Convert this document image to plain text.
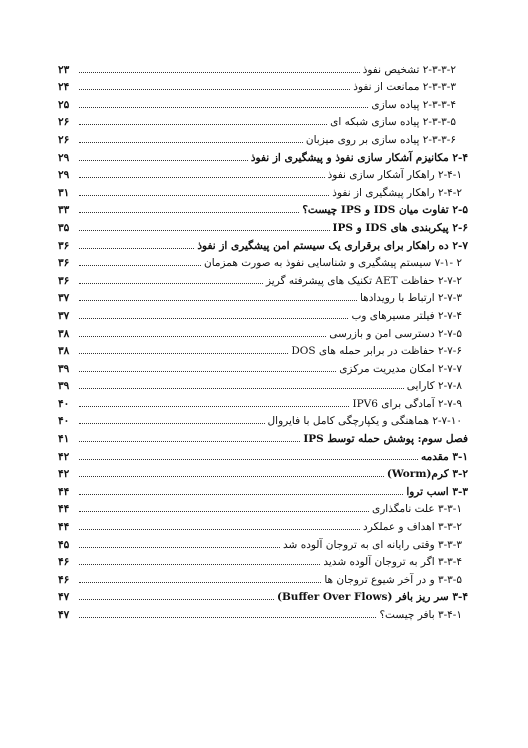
۲-۳-۳-۲ تشخیص نفوذ
۲۳
۲-۳-۳-۳ ممانعت از نفوذ
۲۴
۲-۳-۳-۴ پیاده سازی
۲۵
۲-۳-۳-۵ پیاده سازی شبکه ای
۲۶
۲-۳-۳-۶ پیاده سازی بر روی میزبان
۲۶
۲-۴ مکانیزم آشکار سازی نفوذ و پیشگیری از نفوذ
۲۹
۲-۴-۱ راهکار آشکار سازی نفوذ
۲۹
۲-۴-۲ راهکار پیشگیری از نفوذ
۳۱
۲-۵ تفاوت میان IDS و IPS چیست؟
۳۳
۲-۶ پیکربندی های IDS و IPS
۳۵
۲-۷ ده راهکار برای برقراری یک سیستم امن پیشگیری از نفوذ
۳۶
۲ -۷-۱ سیستم پیشگیری و شناسایی نفوذ به صورت همزمان
۳۶
۲-۷-۲ حفاظت AET تکنیک های پیشرفته گریز
۳۶
۲-۷-۳ ارتباط با رویدادها
۳۷
۲-۷-۴ فیلتر مسیرهای وب
۳۷
۲-۷-۵ دسترسی امن و بازرسی
۳۸
۲-۷-۶ حفاظت در برابر حمله های DOS
۳۸
۲-۷-۷ امکان مدیریت مرکزی
۳۹
۲-۷-۸ کارایی
۳۹
۲-۷-۹ آمادگی برای IPV6
۴۰
۲-۷-۱۰ هماهنگی و یکپارچگی کامل با فایروال
۴۰
فصل سوم: پوشش حمله توسط IPS
۴۱
۳-۱ مقدمه
۴۲
۳-۲ کرم(Worm)
۴۲
۳-۳ اسب تروا
۴۴
۳-۳-۱ علت نامگذاری
۴۴
۳-۳-۲ اهداف و عملکرد
۴۴
۳-۳-۳ وقتی رایانه ای به تروجان آلوده شد
۴۵
۳-۳-۴ اگر به تروجان آلوده شدید
۴۶
۳-۳-۵ و در آخر شیوع تروجان ها
۴۶
۳-۴ سر ریز بافر (Buffer Over Flows)
۴۷
۳-۴-۱ بافر چیست؟
۴۷
